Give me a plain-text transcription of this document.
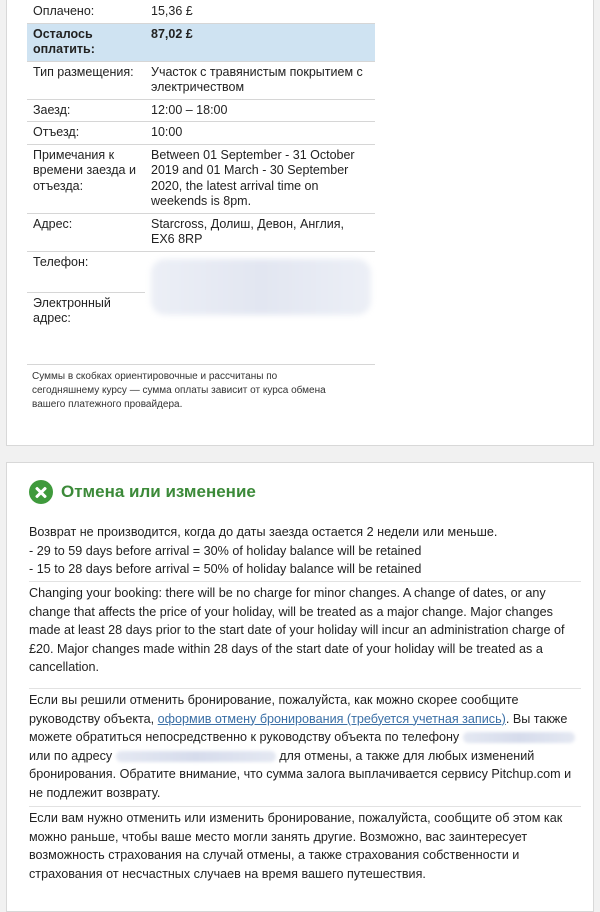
Оплачено:	15,36 £
Осталось оплатить:	87,02 £
Тип размещения:	Участок с травянистым покрытием с электричеством
Заезд:	12:00 – 18:00
Отъезд:	10:00
Примечания к времени заезда и отъезда:	Between 01 September - 31 October 2019 and 01 March - 30 September 2020, the latest arrival time on weekends is 8pm.
Адрес:	Starcross, Долиш, Девон, Англия, EX6 8RP
Телефон:	

Электронный адрес:	
Суммы в скобках ориентировочные и рассчитаны по сегодняшнему курсу — сумма оплаты зависит от курса обмена вашего платежного провайдера.
Отмена или изменение
Возврат не производится, когда до даты заезда остается 2 недели или меньше.
- 29 to 59 days before arrival = 30% of holiday balance will be retained
- 15 to 28 days before arrival = 50% of holiday balance will be retained
Changing your booking: there will be no charge for minor changes. A change of dates, or any change that affects the price of your holiday, will be treated as a major change. Major changes made at least 28 days prior to the start date of your holiday will incur an administration charge of £20. Major changes made within 28 days of the start date of your holiday will be treated as a cancellation.
Если вы решили отменить бронирование, пожалуйста, как можно скорее сообщите руководству объекта, оформив отмену бронирования (требуется учетная запись). Вы также можете обратиться непосредственно к руководству объекта по телефону  или по адресу	для отмены, а также для любых изменений бронирования. Обратите внимание, что сумма залога выплачивается сервису Pitchup.com и не подлежит возврату.
Если вам нужно отменить или изменить бронирование, пожалуйста, сообщите об этом как можно раньше, чтобы ваше место могли занять другие. Возможно, вас заинтересует возможность страхования на случай отмены, а также страхования собственности и страхования от несчастных случаев на время вашего путешествия.
